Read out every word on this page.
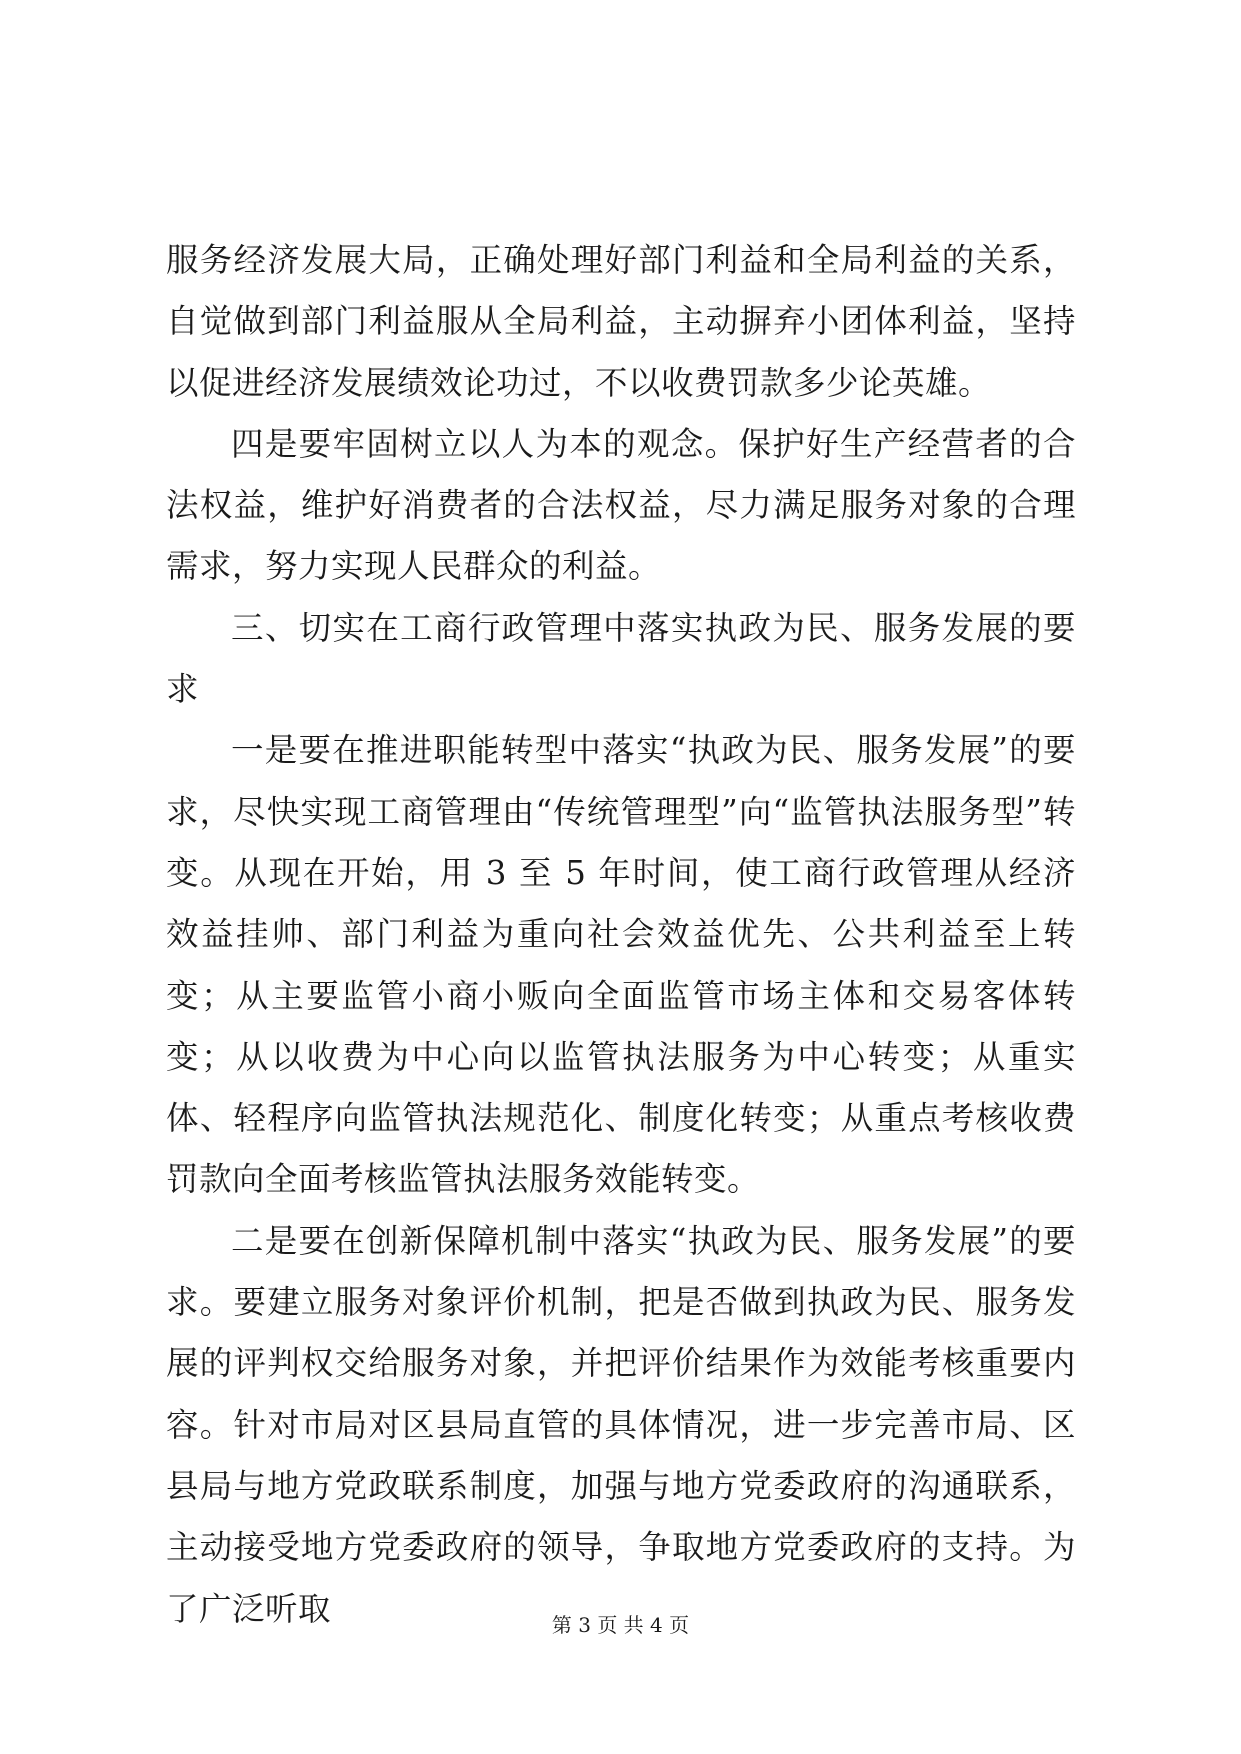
服务经济发展大局，正确处理好部门利益和全局利益的关系，自觉做到部门利益服从全局利益，主动摒弃小团体利益，坚持以促进经济发展绩效论功过，不以收费罚款多少论英雄。

四是要牢固树立以人为本的观念。保护好生产经营者的合法权益，维护好消费者的合法权益，尽力满足服务对象的合理需求，努力实现人民群众的利益。

三、切实在工商行政管理中落实执政为民、服务发展的要求

一是要在推进职能转型中落实“执政为民、服务发展”的要求，尽快实现工商管理由“传统管理型”向“监管执法服务型”转变。从现在开始，用 3 至 5 年时间，使工商行政管理从经济效益挂帅、部门利益为重向社会效益优先、公共利益至上转变；从主要监管小商小贩向全面监管市场主体和交易客体转变；从以收费为中心向以监管执法服务为中心转变；从重实体、轻程序向监管执法规范化、制度化转变；从重点考核收费罚款向全面考核监管执法服务效能转变。

二是要在创新保障机制中落实“执政为民、服务发展”的要求。要建立服务对象评价机制，把是否做到执政为民、服务发展的评判权交给服务对象，并把评价结果作为效能考核重要内容。针对市局对区县局直管的具体情况，进一步完善市局、区县局与地方党政联系制度，加强与地方党委政府的沟通联系，主动接受地方党委政府的领导，争取地方党委政府的支持。为了广泛听取	第 3 页 共 4 页
